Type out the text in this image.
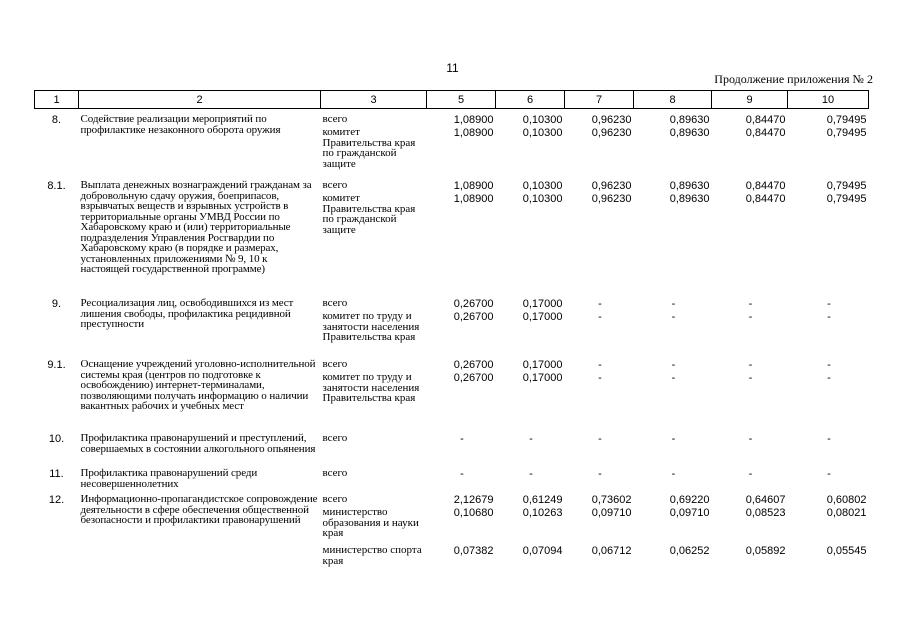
11
Продолжение приложения № 2
1	2	3	5	6	7	8	9	10

8.	Содействие реализации мероприятий по профилактике незаконного оборота оружия	всего	1,08900	0,10300	0,96230	0,89630	0,84470	0,79495
		комитет Правительства края по гражданской защите	1,08900	0,10300	0,96230	0,89630	0,84470	0,79495

8.1.	Выплата денежных вознаграждений гражданам за добровольную сдачу оружия, боеприпасов, взрывчатых веществ и взрывных устройств в территориальные органы УМВД России по Хабаровскому краю и (или) территориальные подразделения Управления Росгвардии по Хабаровскому краю (в порядке и размерах, установленных приложениями № 9, 10 к настоящей государственной программе)	всего	1,08900	0,10300	0,96230	0,89630	0,84470	0,79495
		комитет Правительства края по гражданской защите	1,08900	0,10300	0,96230	0,89630	0,84470	0,79495

9.	Ресоциализация лиц, освободившихся из мест лишения свободы, профилактика рецидивной преступности	всего	0,26700	0,17000	-	-	-	-
		комитет по труду и занятости населения Правительства края	0,26700	0,17000	-	-	-	-

9.1.	Оснащение учреждений уголовно-исполнительной системы края (центров по подготовке к освобождению) интернет-терминалами, позволяющими получать информацию о наличии вакантных рабочих и учебных мест	всего	0,26700	0,17000	-	-	-	-
		комитет по труду и занятости населения Правительства края	0,26700	0,17000	-	-	-	-

10.	Профилактика правонарушений и преступлений, совершаемых в состоянии алкогольного опьянения	всего	-	-	-	-	-	-

11.	Профилактика правонарушений среди несовершеннолетних	всего	-	-	-	-	-	-

12.	Информационно-пропагандистское сопровождение деятельности в сфере обеспечения общественной безопасности и профилактики правонарушений	всего	2,12679	0,61249	0,73602	0,69220	0,64607	0,60802
		министерство образования и науки края	0,10680	0,10263	0,09710	0,09710	0,08523	0,08021
		министерство спорта края	0,07382	0,07094	0,06712	0,06252	0,05892	0,05545
